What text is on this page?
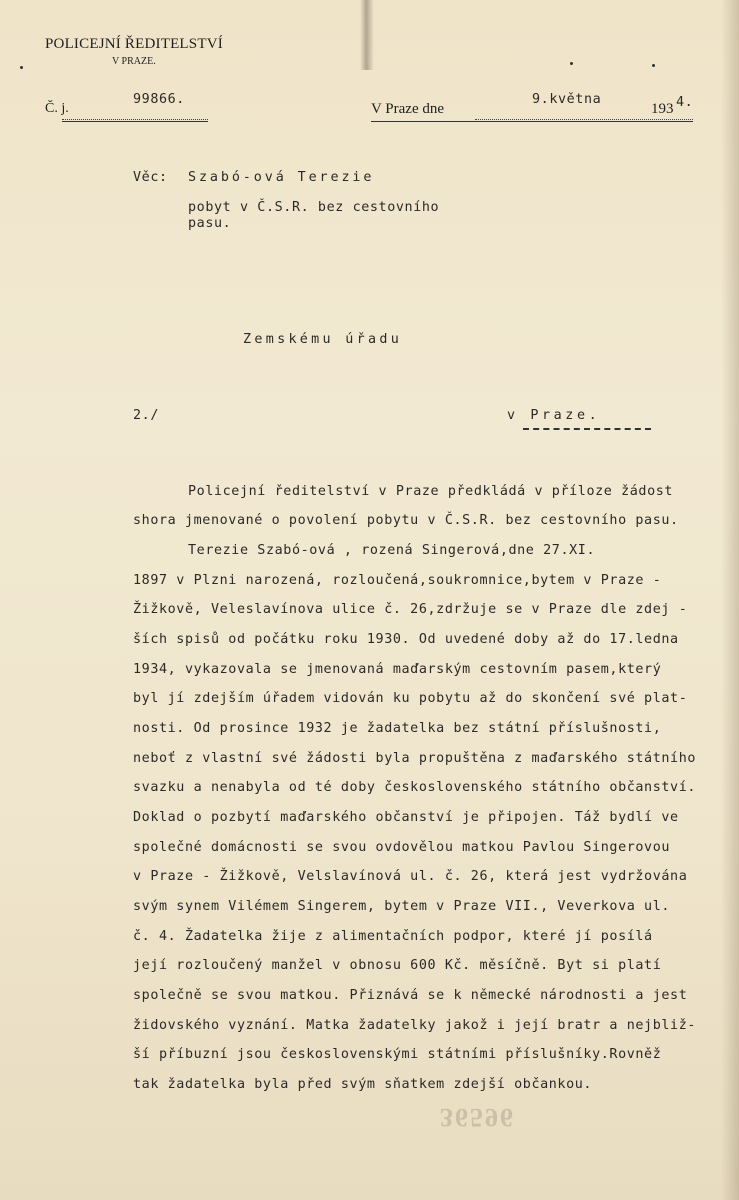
POLICEJNÍ ŘEDITELSTVÍ
V PRAZE.
Č. j.
99866.
V Praze dne
9.května
193 4.
Věc: Szabó-ová Terezie
pobyt v Č.S.R. bez cestovního
pasu.
Zemskému úřadu
2./	v Praze.
Policejní ředitelství v Praze předkládá v příloze žádost
shora jmenované o povolení pobytu v Č.S.R. bez cestovního pasu.
Terezie Szabó-ová , rozená Singerová,dne 27.XI.
1897 v Plzni narozená, rozloučená,soukromnice,bytem v Praze -
Žižkově, Veleslavínova ulice č. 26,zdržuje se v Praze dle zdej -
ších spisů od počátku roku 1930. Od uvedené doby až do 17.ledna
1934, vykazovala se jmenovaná maďarským cestovním pasem,který
byl jí zdejším úřadem vidován ku pobytu až do skončení své plat-
nosti. Od prosince 1932 je žadatelka bez státní příslušnosti,
neboť z vlastní své žádosti byla propuštěna z maďarského státního
svazku a nenabyla od té doby československého státního občanství.
Doklad o pozbytí maďarského občanství je připojen. Táž bydlí ve
společné domácnosti se svou ovdovělou matkou Pavlou Singerovou
v Praze - Žižkově, Velslavínová ul. č. 26, která jest vydržována
svým synem Vilémem Singerem, bytem v Praze VII., Veverkova ul.
č. 4. Žadatelka žije z alimentačních podpor, které jí posílá
její rozloučený manžel v obnosu 600 Kč. měsíčně. Byt si platí
společně se svou matkou. Přiznává se k německé národnosti a jest
židovského vyznání. Matka žadatelky jakož i její bratr a nejbliž-
ší příbuzní jsou československými státními příslušníky.Rovněž
tak žadatelka byla před svým sňatkem zdejší občankou.
36596
